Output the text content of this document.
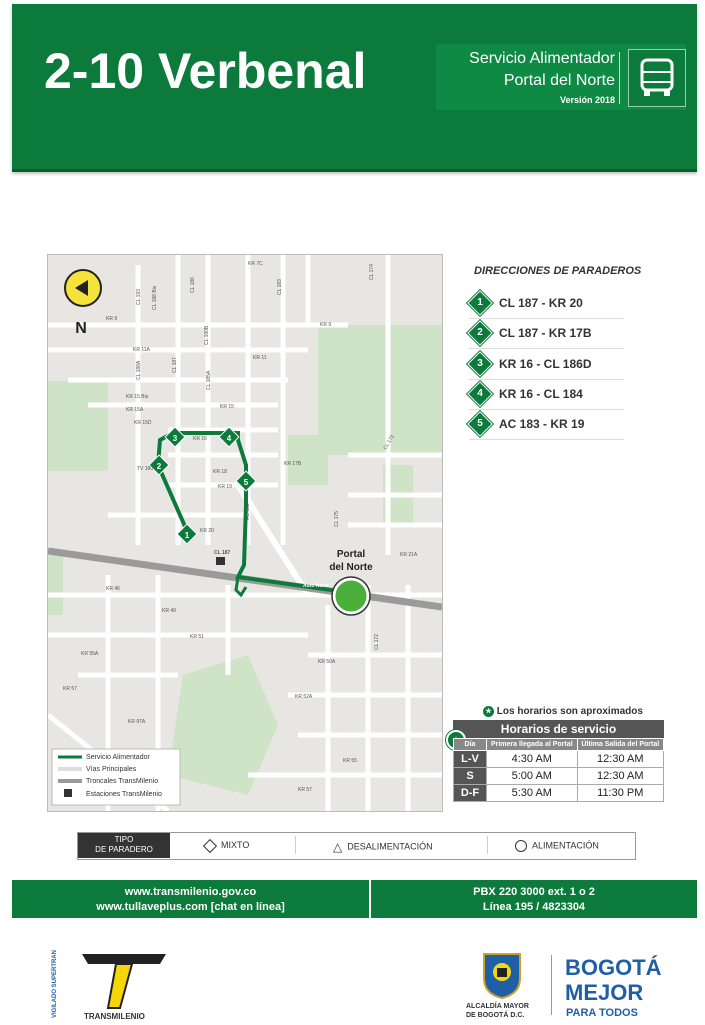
2-10 Verbenal	Servicio Alimentador
Portal del Norte
Versión 2018
1
2
3	4
5
Portal
del Norte
Auto Norte
CL 187
N
KR 7C
KR 9
KR 9
KR 11A
KR 11
KR 15 Bis
KR 15A
KR 15D
KR 15
KR 16
KR 18
KR 19
KR 17B
KR 20
KR 21A
KR 46
KR 49
KR 51
KR 55A
KR 57
KR 50A
KR 52A
KR 97A
KR 55
KR 57
TV 180
AC 183
CL 193 CL 188 Bis
CL 186
CL 190B
CL 187
CL 188A
CL 185A
CL 183
CL 175
CL 173
CL 174
CL 172
Servicio Alimentador
Vías Principales
Troncales TransMilenio
Estaciones TransMilenio
DIRECCIONES DE PARADEROS
1	CL 187 - KR 20
2	CL 187 - KR 17B
3	KR 16 - CL 186D
4	KR 16 - CL 184
5	AC 183 - KR 19
★ Los horarios son aproximados
Horarios de servicio
Día	Primera llegada al Portal	Última Salida del Portal
L-V	4:30 AM	12:30 AM
S	5:00 AM	12:30 AM
D-F	5:30 AM	11:30 PM
TIPO
DE PARADERO	MIXTO	△ DESALIMENTACIÓN	ALIMENTACIÓN
www.transmilenio.gov.co
www.tullaveplus.com [chat en línea]
PBX 220 3000 ext. 1 o 2
Línea 195 / 4823304
VIGILADO SUPERTRANSPORTE	TRANSMILENIO
ALCALDÍA MAYOR
DE BOGOTÁ D.C.
BOGOTÁ
MEJOR
PARA TODOS
